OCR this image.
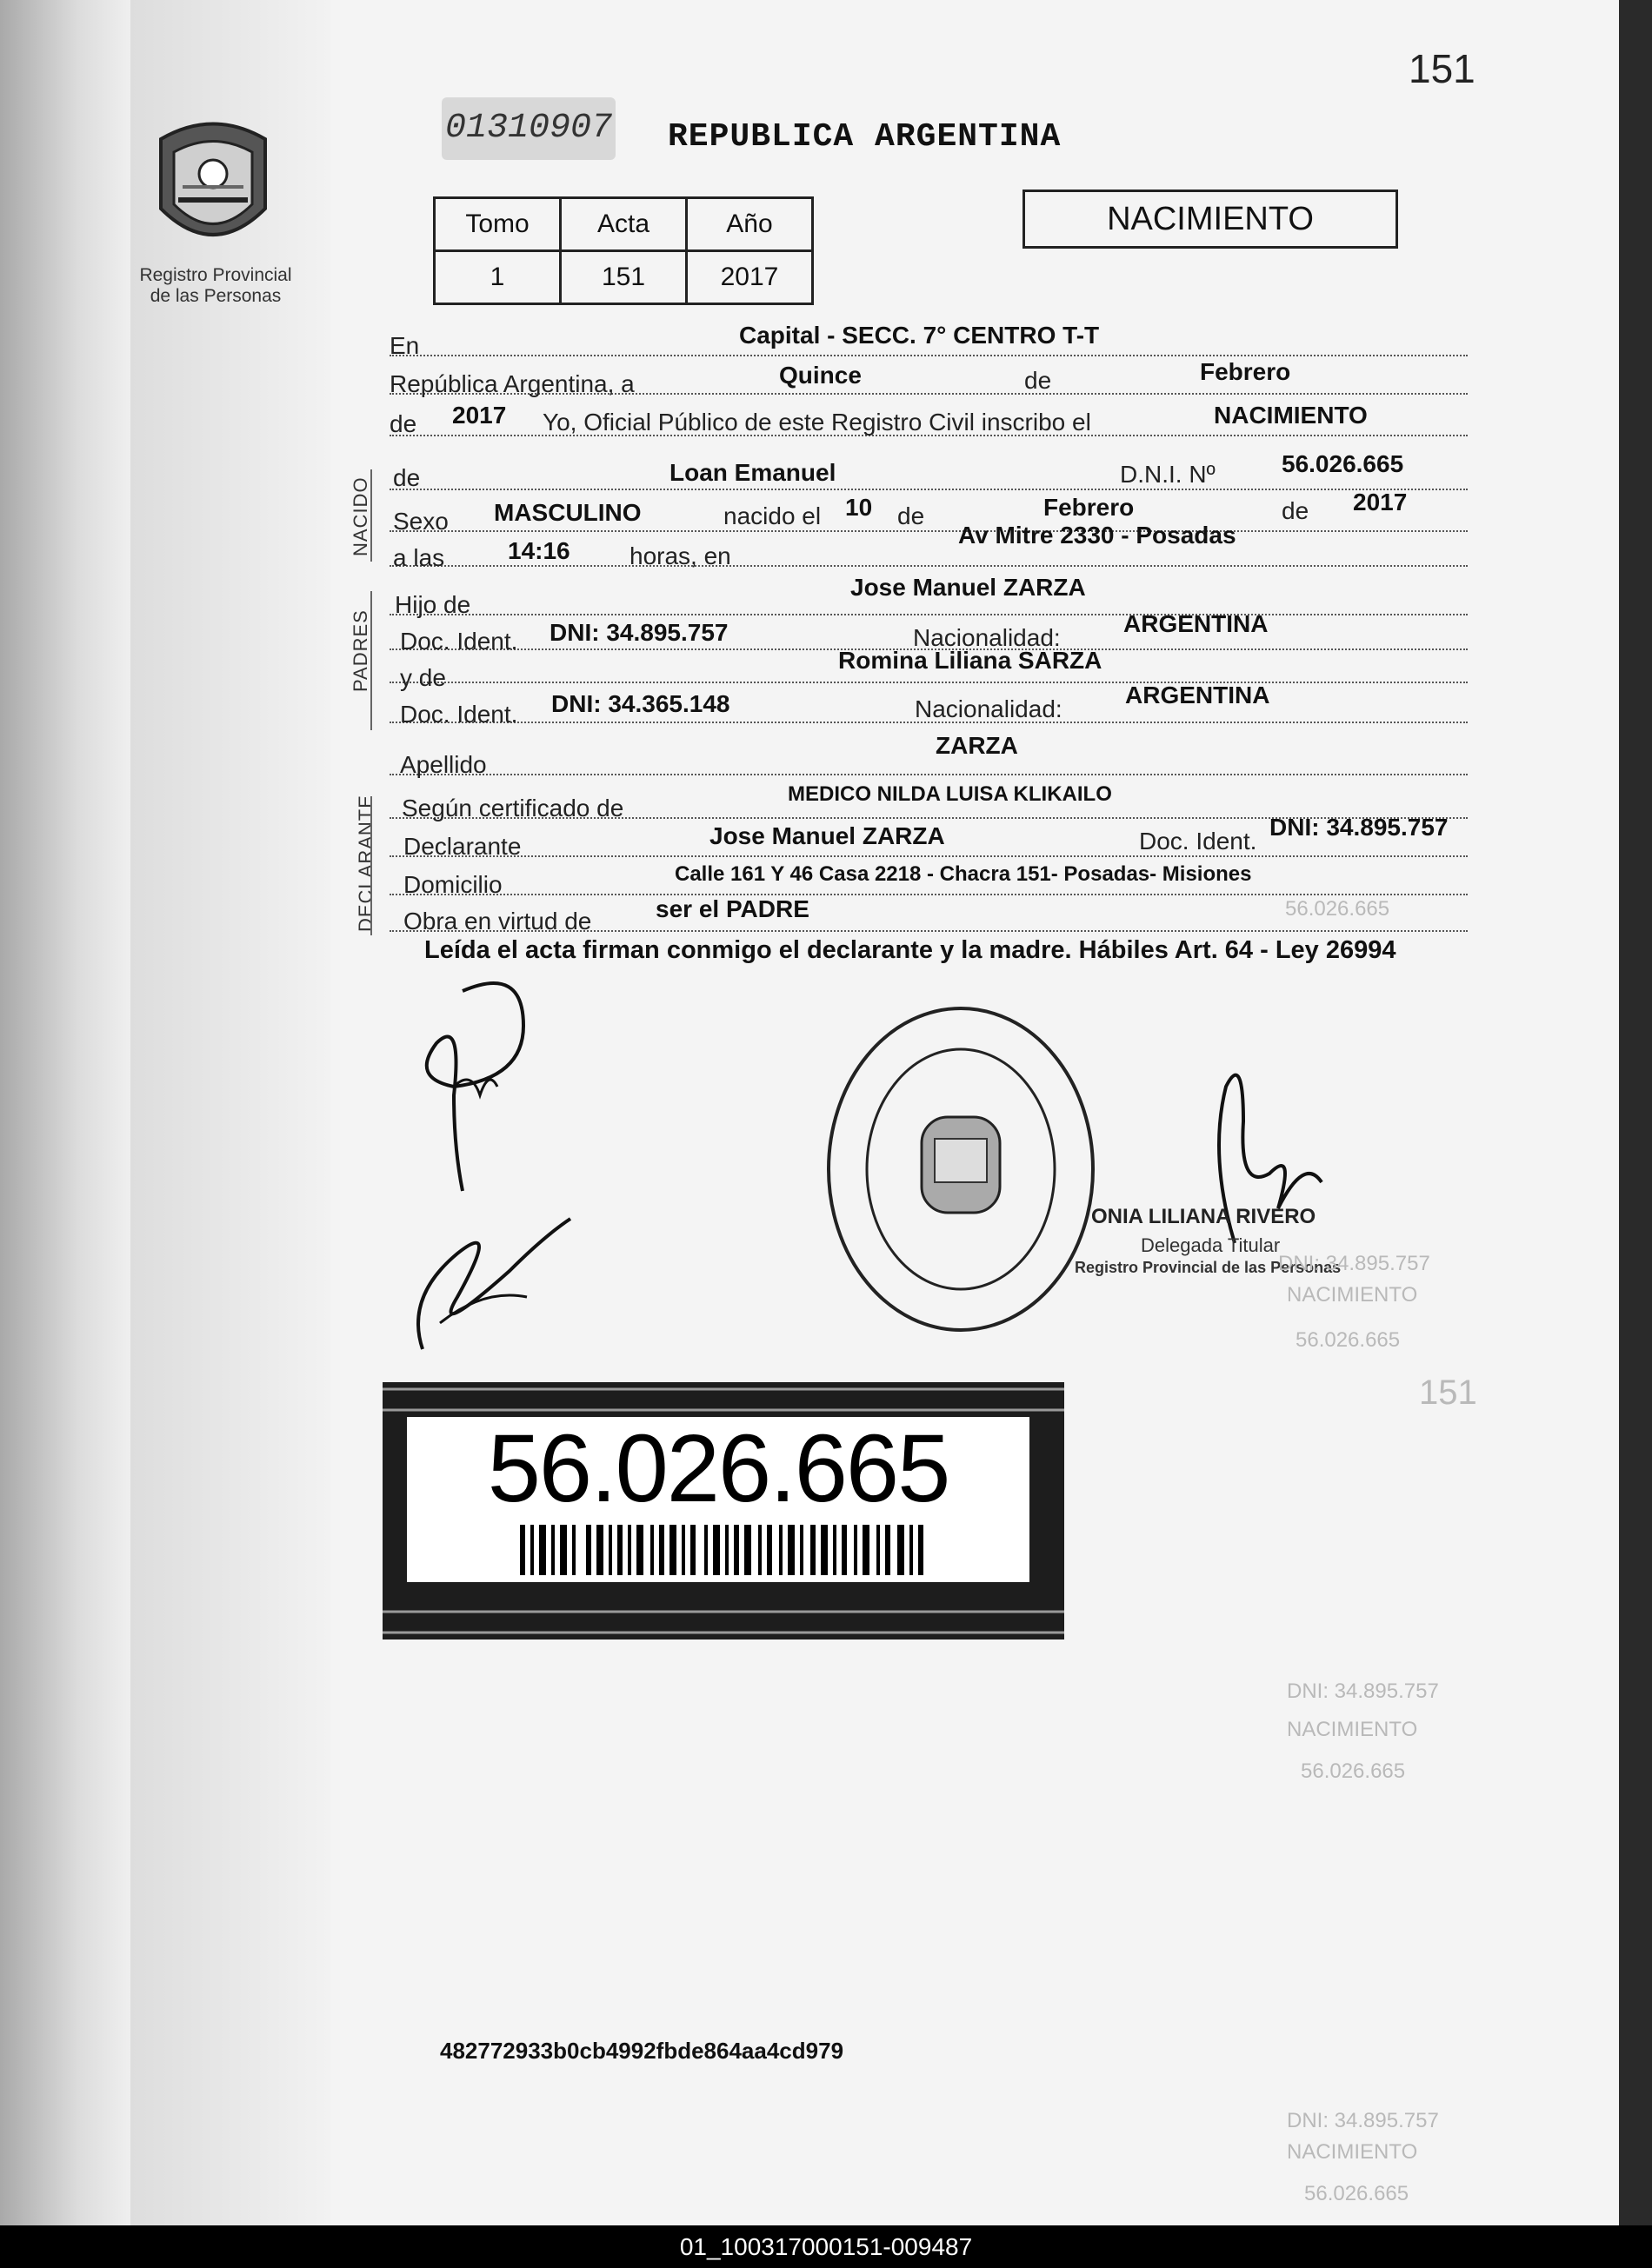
151
Registro Provincial
de las Personas
01310907 REPUBLICA ARGENTINA
Tomo	Acta	Año
1	151	2017
NACIMIENTO
NACIDO
PADRES
DECLARANTE
En	Capital - SECC. 7° CENTRO T-T
República Argentina, a	Quince	de	Febrero
de 2017 Yo, Oficial Público de este Registro Civil inscribo el	NACIMIENTO
de	Loan Emanuel	D.N.I. Nº	56.026.665
Sexo MASCULINO	nacido el 10 de	Febrero	de 2017
a las	14:16 horas, en
Av Mitre 2330 - Posadas
Hijo de
Jose Manuel ZARZA
Doc. Ident. DNI: 34.895.757	Nacionalidad:
ARGENTINA
y de
Romina Liliana SARZA
Doc. Ident. DNI: 34.365.148	Nacionalidad:
ARGENTINA
Apellido
ZARZA
Según certificado de
MEDICO NILDA LUISA KLIKAILO
Declarante	Jose Manuel ZARZA	Doc. Ident.
DNI: 34.895.757
Domicilio	Calle 161 Y 46 Casa 2218 - Chacra 151- Posadas- Misiones
Obra en virtud de	ser el PADRE	56.026.665
Leída el acta firman conmigo el declarante y la madre. Hábiles Art. 64 - Ley 26994
ONIA LILIANA RIVERO
Delegada Titular
Registro Provincial de las Personas
DNI: 34.895.757
NACIMIENTO
56.026.665
151
DNI: 34.895.757
NACIMIENTO
56.026.665
DNI: 34.895.757
NACIMIENTO
56.026.665
56.026.665
482772933b0cb4992fbde864aa4cd979
01_100317000151-009487
